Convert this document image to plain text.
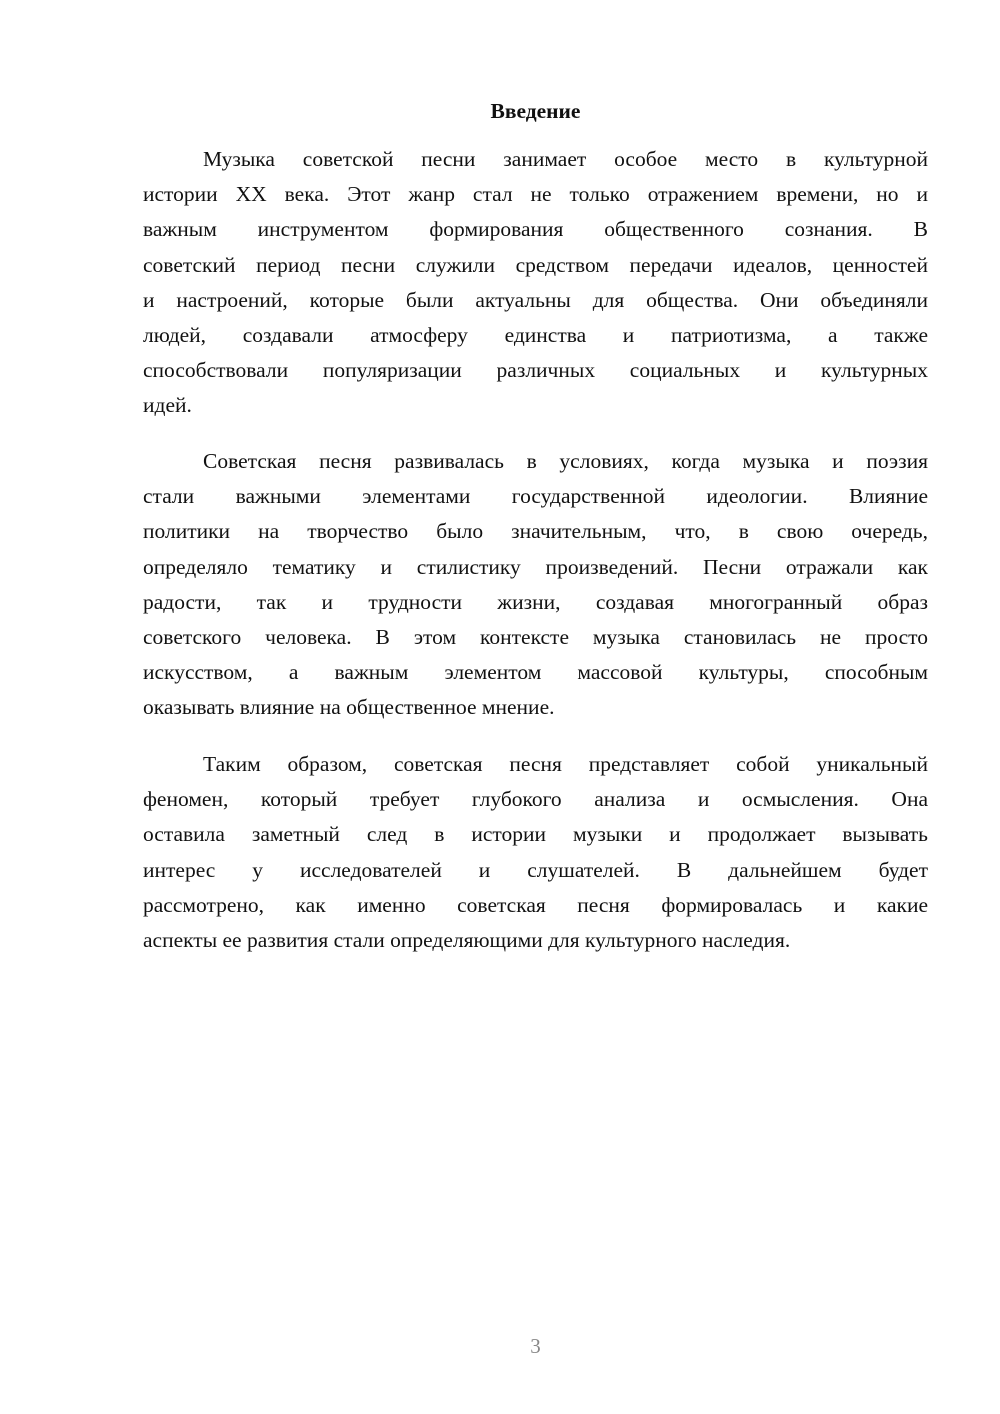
Введение
Музыка советской песни занимает особое место в культурной
истории XX века. Этот жанр стал не только отражением времени, но и
важным инструментом формирования общественного сознания. В
советский период песни служили средством передачи идеалов, ценностей
и настроений, которые были актуальны для общества. Они объединяли
людей, создавали атмосферу единства и патриотизма, а также
способствовали популяризации различных социальных и культурных
идей.
Советская песня развивалась в условиях, когда музыка и поэзия
стали важными элементами государственной идеологии. Влияние
политики на творчество было значительным, что, в свою очередь,
определяло тематику и стилистику произведений. Песни отражали как
радости, так и трудности жизни, создавая многогранный образ
советского человека. В этом контексте музыка становилась не просто
искусством, а важным элементом массовой культуры, способным
оказывать влияние на общественное мнение.
Таким образом, советская песня представляет собой уникальный
феномен, который требует глубокого анализа и осмысления. Она
оставила заметный след в истории музыки и продолжает вызывать
интерес у исследователей и слушателей. В дальнейшем будет
рассмотрено, как именно советская песня формировалась и какие
аспекты ее развития стали определяющими для культурного наследия.
3
